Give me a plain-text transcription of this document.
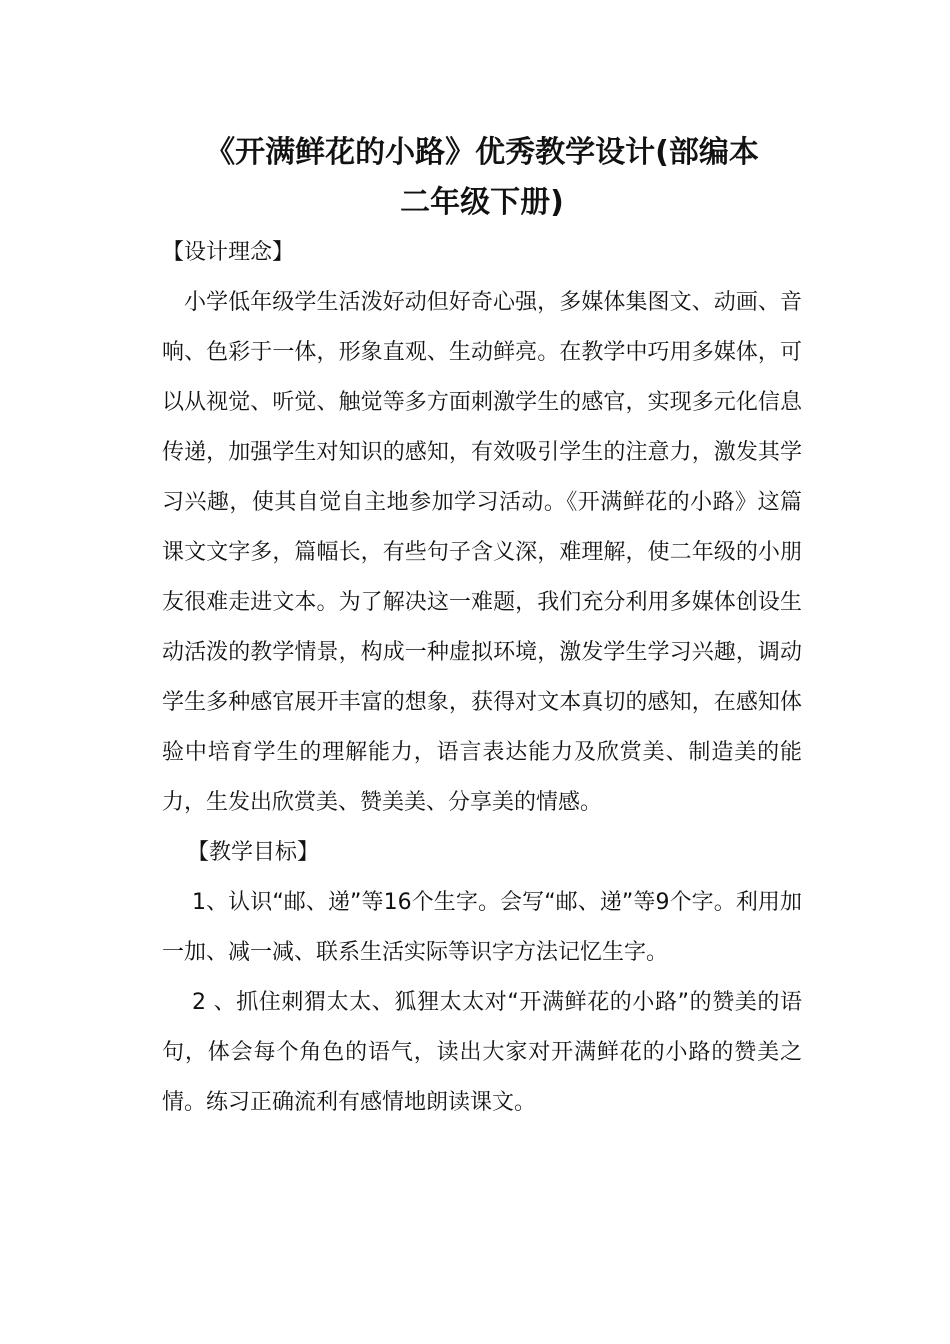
《开满鲜花的小路》优秀教学设计(部编本
二年级下册)
【设计理念】
小学低年级学生活泼好动但好奇心强，多媒体集图文、动画、音响、色彩于一体，形象直观、生动鲜亮。在教学中巧用多媒体，可以从视觉、听觉、触觉等多方面刺激学生的感官，实现多元化信息传递，加强学生对知识的感知，有效吸引学生的注意力，激发其学习兴趣，使其自觉自主地参加学习活动。《开满鲜花的小路》这篇课文文字多，篇幅长，有些句子含义深，难理解，使二年级的小朋友很难走进文本。为了解决这一难题，我们充分利用多媒体创设生动活泼的教学情景，构成一种虚拟环境，激发学生学习兴趣，调动学生多种感官展开丰富的想象，获得对文本真切的感知，在感知体验中培育学生的理解能力，语言表达能力及欣赏美、制造美的能力，生发出欣赏美、赞美美、分享美的情感。
【教学目标】
1、认识“邮、递”等16个生字。会写“邮、递”等9个字。利用加一加、减一减、联系生活实际等识字方法记忆生字。
2 、抓住刺猬太太、狐狸太太对“开满鲜花的小路”的赞美的语句，体会每个角色的语气，读出大家对开满鲜花的小路的赞美之情。练习正确流利有感情地朗读课文。
